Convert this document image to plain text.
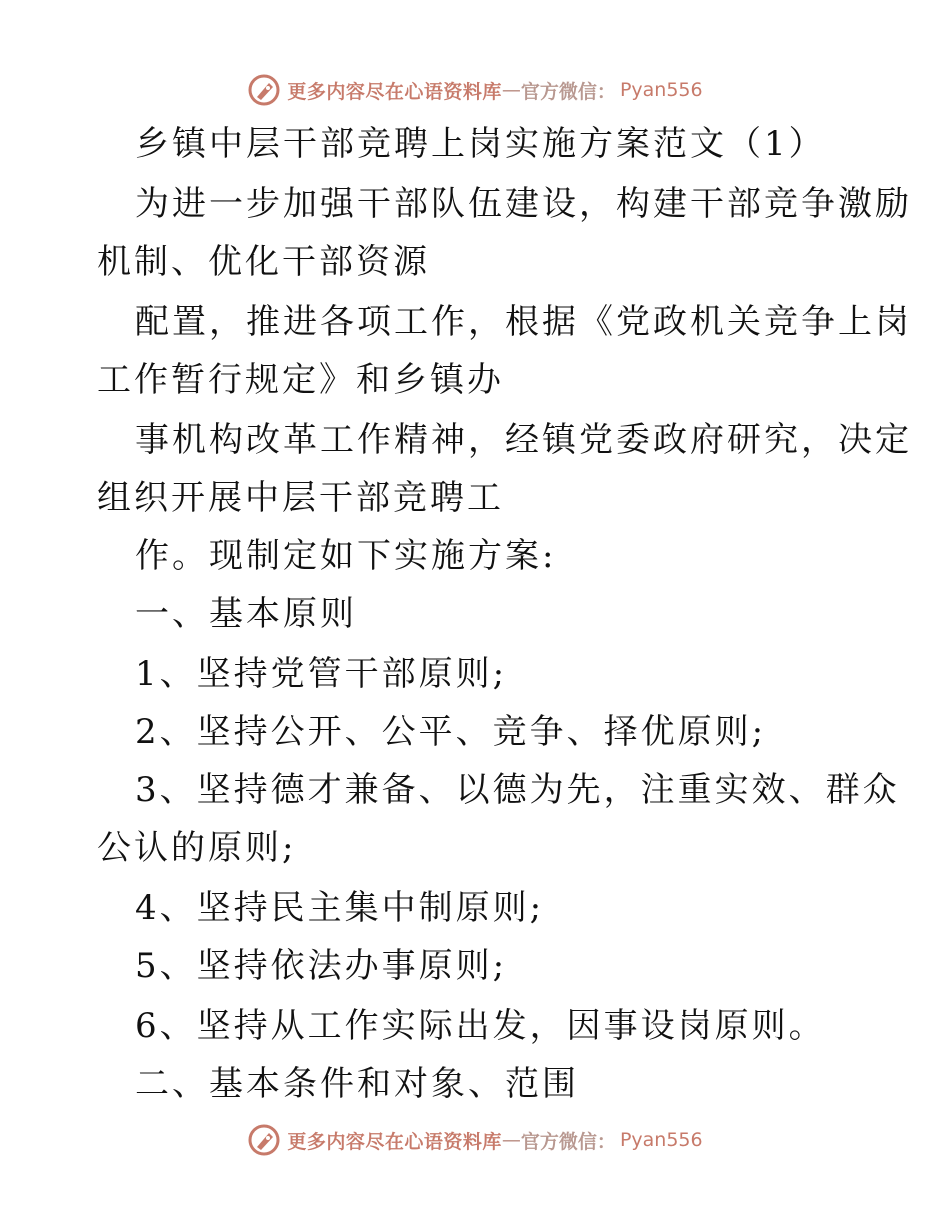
更多内容尽在心语资料库 — 官方微信： Pyan556
乡镇中层干部竞聘上岗实施方案范文（1）
为进一步加强干部队伍建设，构建干部竞争激励
机制、优化干部资源
配置，推进各项工作，根据《党政机关竞争上岗
工作暂行规定》和乡镇办
事机构改革工作精神，经镇党委政府研究，决定
组织开展中层干部竞聘工
作。现制定如下实施方案:
一、基本原则
1、坚持党管干部原则;
2、坚持公开、公平、竞争、择优原则;
3、坚持德才兼备、以德为先，注重实效、群众
公认的原则;
4、坚持民主集中制原则;
5、坚持依法办事原则;
6、坚持从工作实际出发，因事设岗原则。
二、基本条件和对象、范围
更多内容尽在心语资料库 — 官方微信： Pyan556
